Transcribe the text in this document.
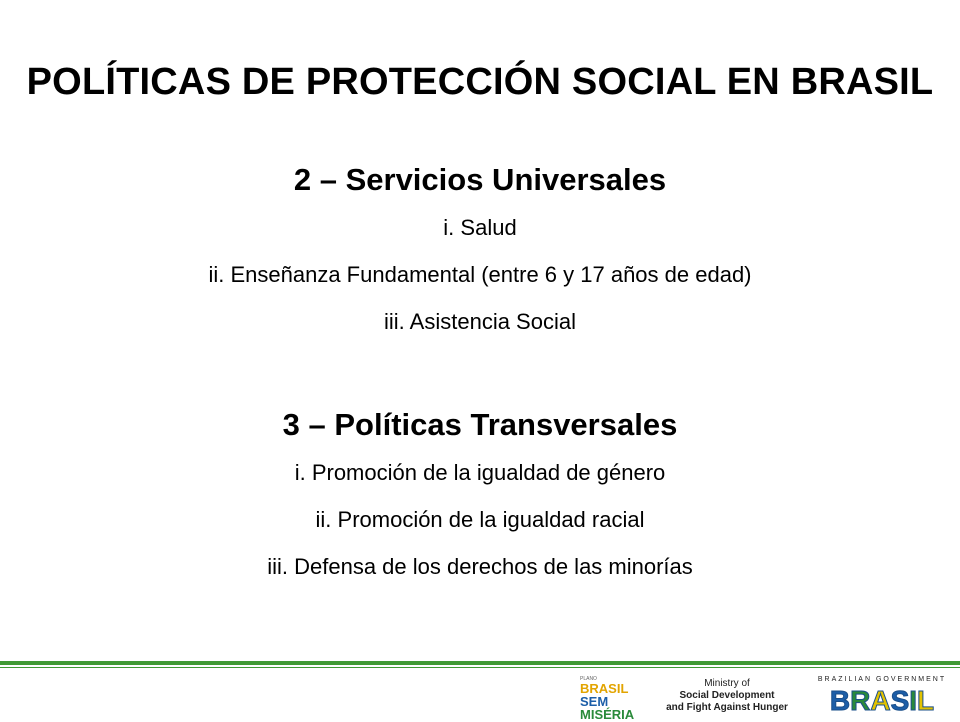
POLÍTICAS DE PROTECCIÓN SOCIAL EN BRASIL
2 – Servicios Universales
i. Salud
ii. Enseñanza Fundamental (entre 6 y 17 años de edad)
iii. Asistencia Social
3 – Políticas Transversales
i. Promoción de la igualdad de género
ii. Promoción de la igualdad racial
iii. Defensa de los derechos de las minorías
PLANO
BRASIL
SEM
MISÉRIA
Ministry of
Social Development
and Fight Against Hunger
BRAZILIAN GOVERNMENT
B R A S I L
